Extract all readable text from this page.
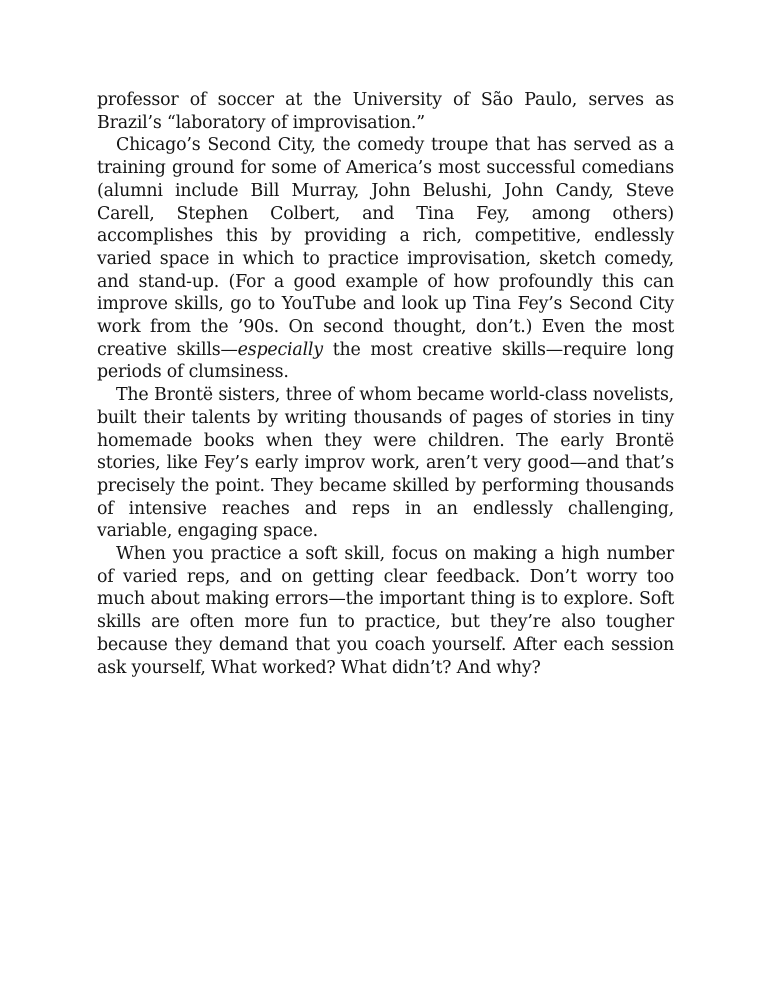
professor of soccer at the University of São Paulo, serves as Brazil’s “laboratory of improvisation.”

Chicago’s Second City, the comedy troupe that has served as a training ground for some of America’s most successful comedians (alumni include Bill Murray, John Belushi, John Candy, Steve Carell, Stephen Colbert, and Tina Fey, among others) accomplishes this by providing a rich, competitive, endlessly varied space in which to practice improvisation, sketch comedy, and stand-up. (For a good example of how profoundly this can improve skills, go to YouTube and look up Tina Fey’s Second City work from the ’90s. On second thought, don’t.) Even the most creative skills—especially the most creative skills—require long periods of clumsiness.

The Brontë sisters, three of whom became world-class novelists, built their talents by writing thousands of pages of stories in tiny homemade books when they were children. The early Brontë stories, like Fey’s early improv work, aren’t very good—and that’s precisely the point. They became skilled by performing thousands of intensive reaches and reps in an endlessly challenging, variable, engaging space.

When you practice a soft skill, focus on making a high number of varied reps, and on getting clear feedback. Don’t worry too much about making errors—the important thing is to explore. Soft skills are often more fun to practice, but they’re also tougher because they demand that you coach yourself. After each session ask yourself, What worked? What didn’t? And why?
